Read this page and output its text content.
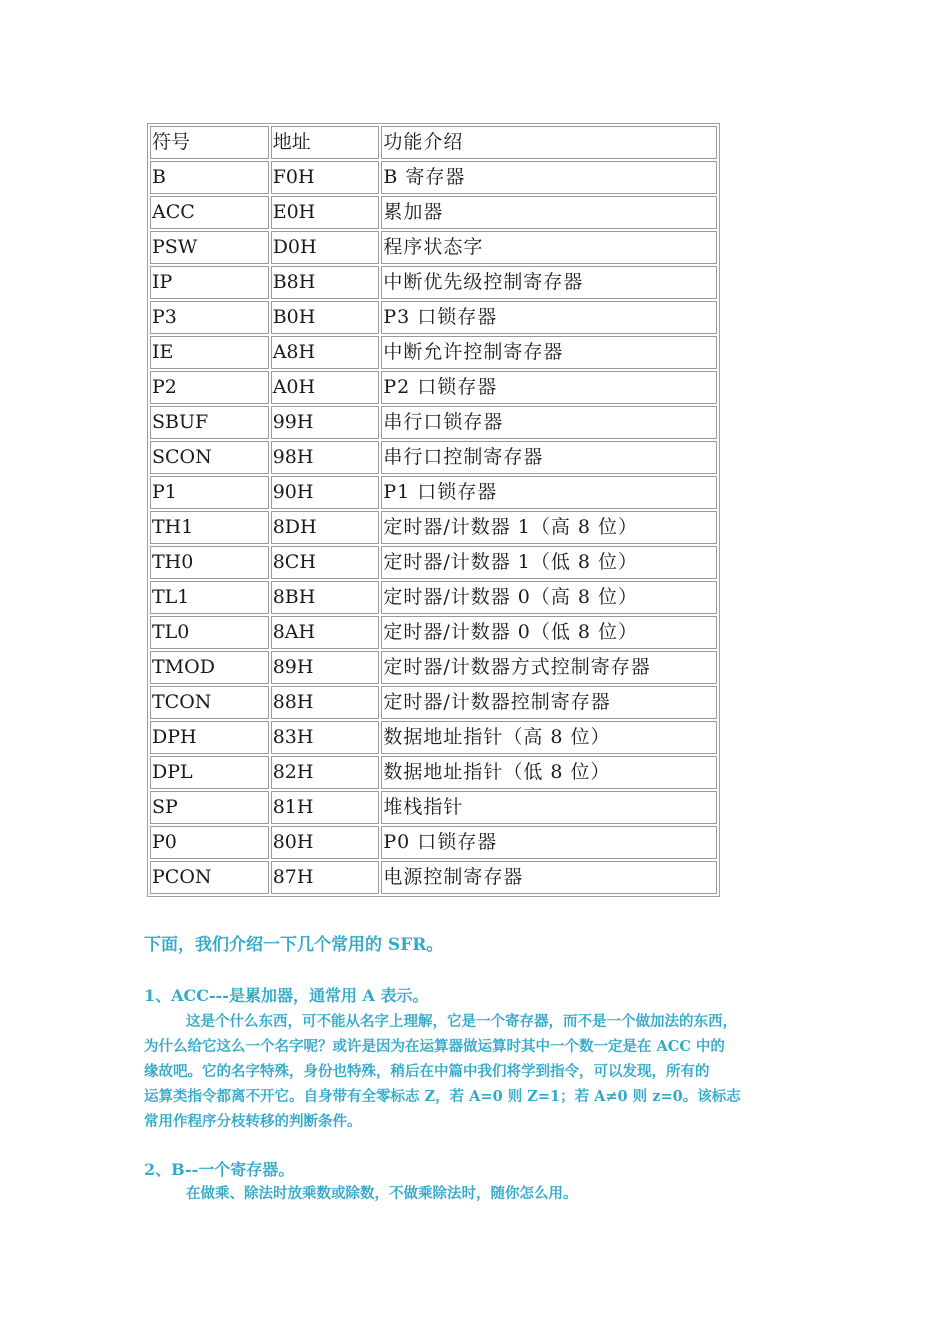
符号	地址	功能介绍
B	F0H	B 寄存器
ACC	E0H	累加器
PSW	D0H	程序状态字
IP	B8H	中断优先级控制寄存器
P3	B0H	P3 口锁存器
IE	A8H	中断允许控制寄存器
P2	A0H	P2 口锁存器
SBUF	99H	串行口锁存器
SCON	98H	串行口控制寄存器
P1	90H	P1 口锁存器
TH1	8DH	定时器/计数器 1（高 8 位）
TH0	8CH	定时器/计数器 1（低 8 位）
TL1	8BH	定时器/计数器 0（高 8 位）
TL0	8AH	定时器/计数器 0（低 8 位）
TMOD	89H	定时器/计数器方式控制寄存器
TCON	88H	定时器/计数器控制寄存器
DPH	83H	数据地址指针（高 8 位）
DPL	82H	数据地址指针（低 8 位）
SP	81H	堆栈指针
P0	80H	P0 口锁存器
PCON	87H	电源控制寄存器
下面，我们介绍一下几个常用的 SFR。
1、ACC---是累加器，通常用 A 表示。
这是个什么东西，可不能从名字上理解，它是一个寄存器，而不是一个做加法的东西，
为什么给它这么一个名字呢？或许是因为在运算器做运算时其中一个数一定是在 ACC 中的
缘故吧。它的名字特殊，身份也特殊，稍后在中篇中我们将学到指令，可以发现，所有的
运算类指令都离不开它。自身带有全零标志 Z，若 A=0 则 Z=1；若 A≠0 则 z=0。该标志
常用作程序分枝转移的判断条件。
2、B--一个寄存器。
在做乘、除法时放乘数或除数，不做乘除法时，随你怎么用。
